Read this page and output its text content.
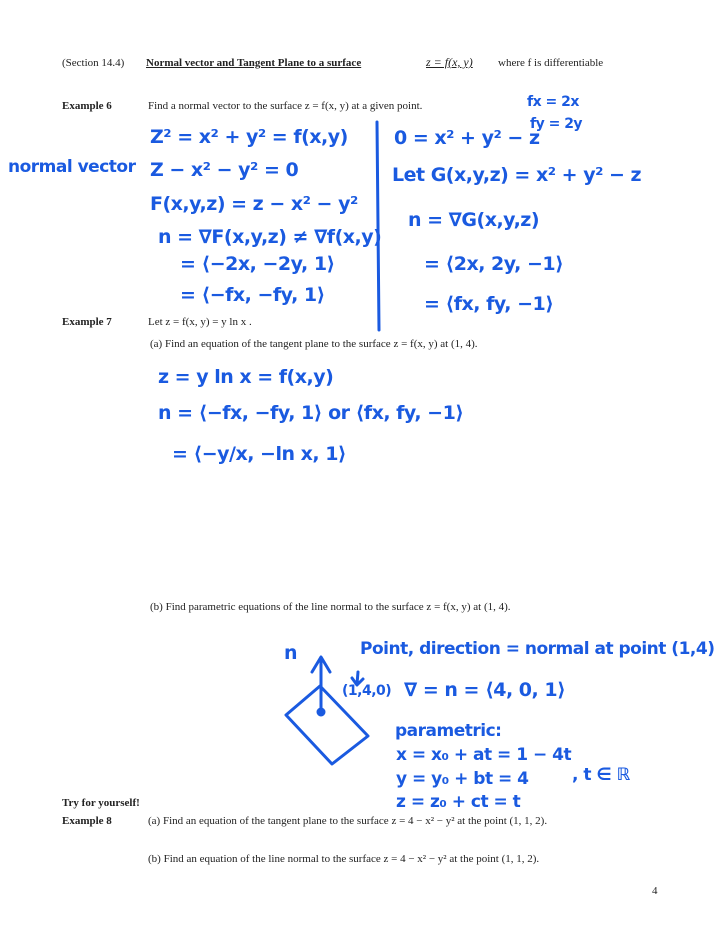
(Section 14.4) Normal vector and Tangent Plane to a surface	z = f(x, y) where f is differentiable
Example 6	Find a normal vector to the surface z = f(x, y) at a given point.	fx = 2x
fy = 2y
normal vector
Z² = x² + y² = f(x,y)
Z − x² − y² = 0
F(x,y,z) = z − x² − y²
n = ∇F(x,y,z) ≠ ∇f(x,y)
= ⟨−2x, −2y, 1⟩
= ⟨−fx, −fy, 1⟩
0 = x² + y² − z
Let G(x,y,z) = x² + y² − z
n = ∇G(x,y,z)
= ⟨2x, 2y, −1⟩
= ⟨fx, fy, −1⟩
Example 7	Let z = f(x, y) = y ln x .
(a) Find an equation of the tangent plane to the surface z = f(x, y) at (1, 4).
z = y ln x = f(x,y)
n = ⟨−fx, −fy, 1⟩ or ⟨fx, fy, −1⟩
= ⟨−y/x, −ln x, 1⟩
(b) Find parametric equations of the line normal to the surface z = f(x, y) at (1, 4).
n	Point, direction = normal at point (1,4)
(1,4,0) ∇ = n = ⟨4, 0, 1⟩
parametric:
x = x₀ + at = 1 − 4t
y = y₀ + bt = 4
z = z₀ + ct = t
, t ∈ ℝ
Try for yourself!
Example 8	(a) Find an equation of the tangent plane to the surface z = 4 − x² − y² at the point (1, 1, 2).
(b) Find an equation of the line normal to the surface z = 4 − x² − y² at the point (1, 1, 2).
4
